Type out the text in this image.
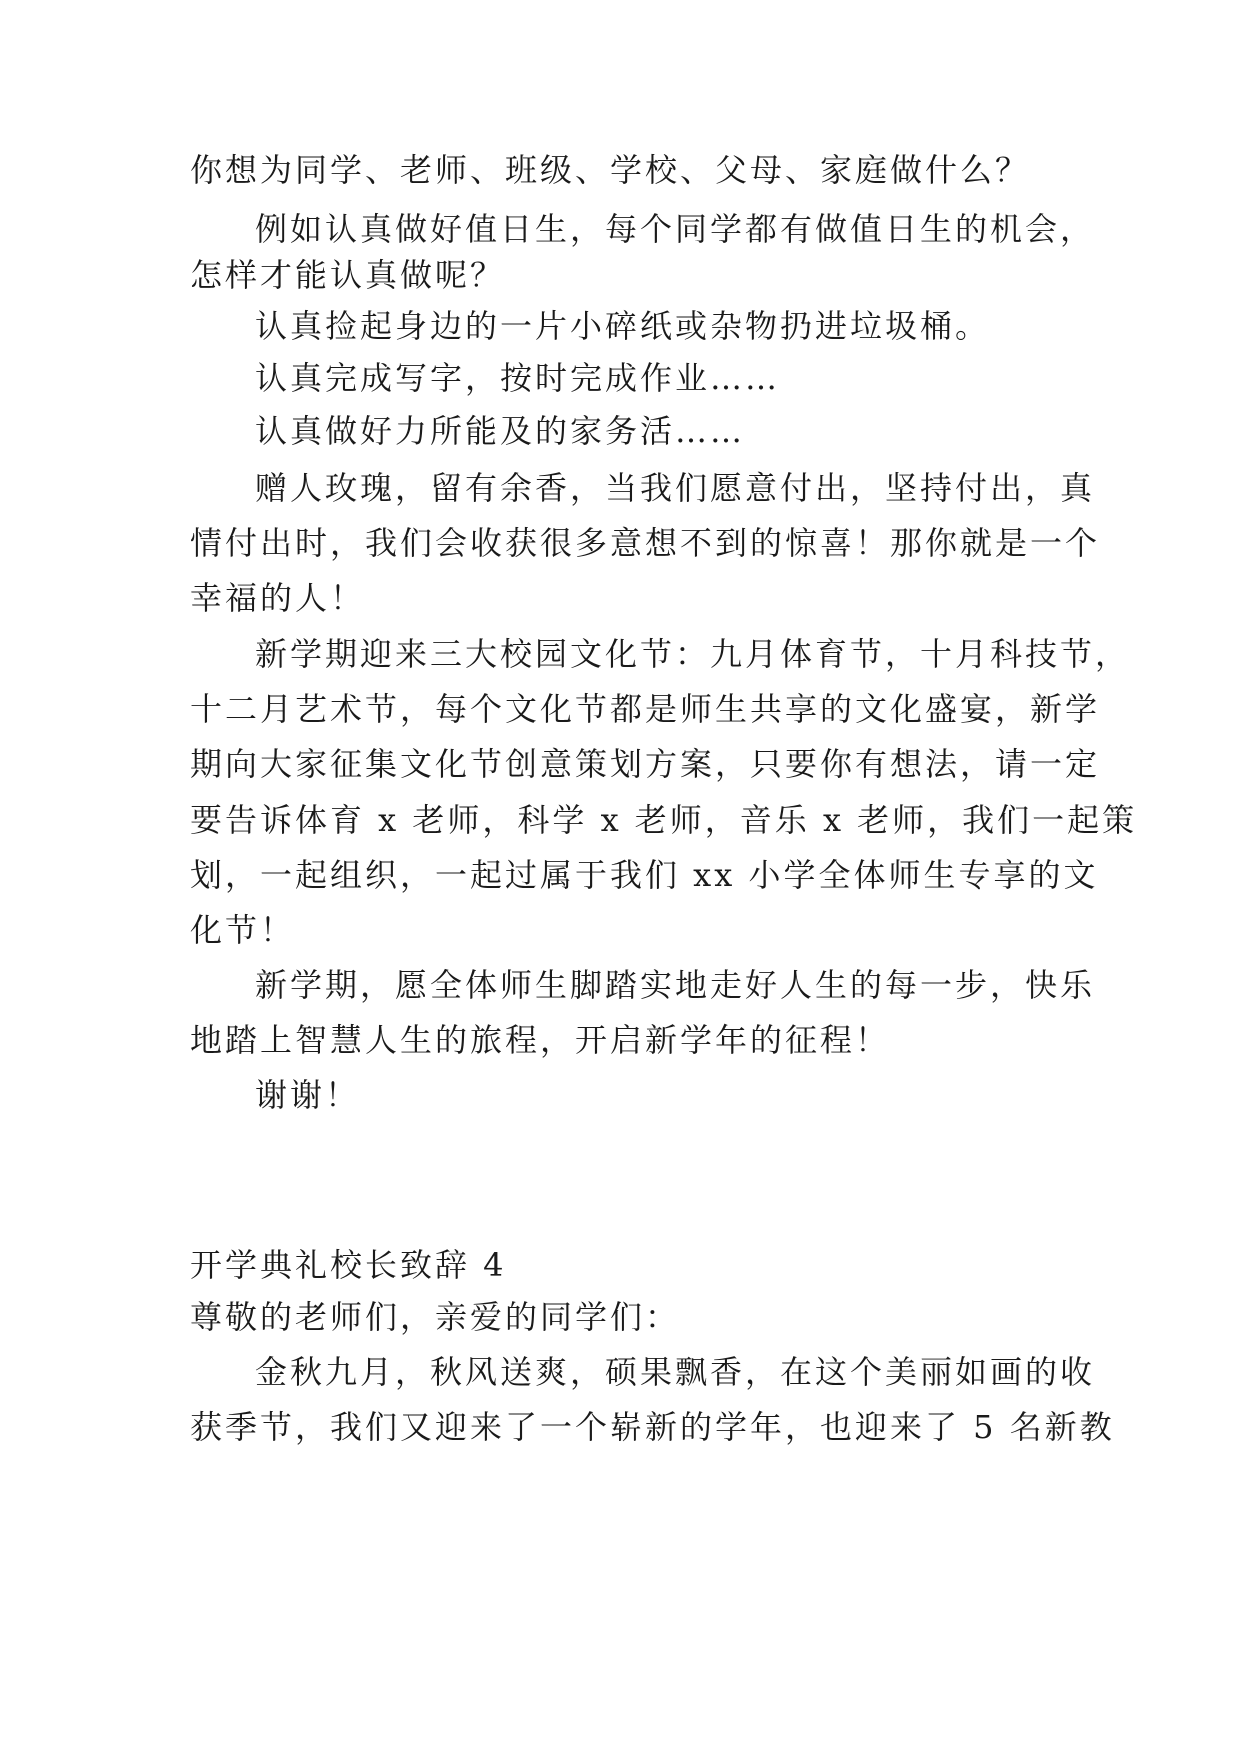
你想为同学、老师、班级、学校、父母、家庭做什么？
例如认真做好值日生，每个同学都有做值日生的机会，
怎样才能认真做呢？
认真捡起身边的一片小碎纸或杂物扔进垃圾桶。
认真完成写字，按时完成作业……
认真做好力所能及的家务活……
赠人玫瑰，留有余香，当我们愿意付出，坚持付出，真
情付出时，我们会收获很多意想不到的惊喜！那你就是一个
幸福的人！
新学期迎来三大校园文化节：九月体育节，十月科技节，
十二月艺术节，每个文化节都是师生共享的文化盛宴，新学
期向大家征集文化节创意策划方案，只要你有想法，请一定
要告诉体育 x 老师，科学 x 老师，音乐 x 老师，我们一起策
划，一起组织，一起过属于我们 xx 小学全体师生专享的文
化节！
新学期，愿全体师生脚踏实地走好人生的每一步，快乐
地踏上智慧人生的旅程，开启新学年的征程！
谢谢！
开学典礼校长致辞 4
尊敬的老师们，亲爱的同学们：
金秋九月，秋风送爽，硕果飘香，在这个美丽如画的收
获季节，我们又迎来了一个崭新的学年，也迎来了 5 名新教
